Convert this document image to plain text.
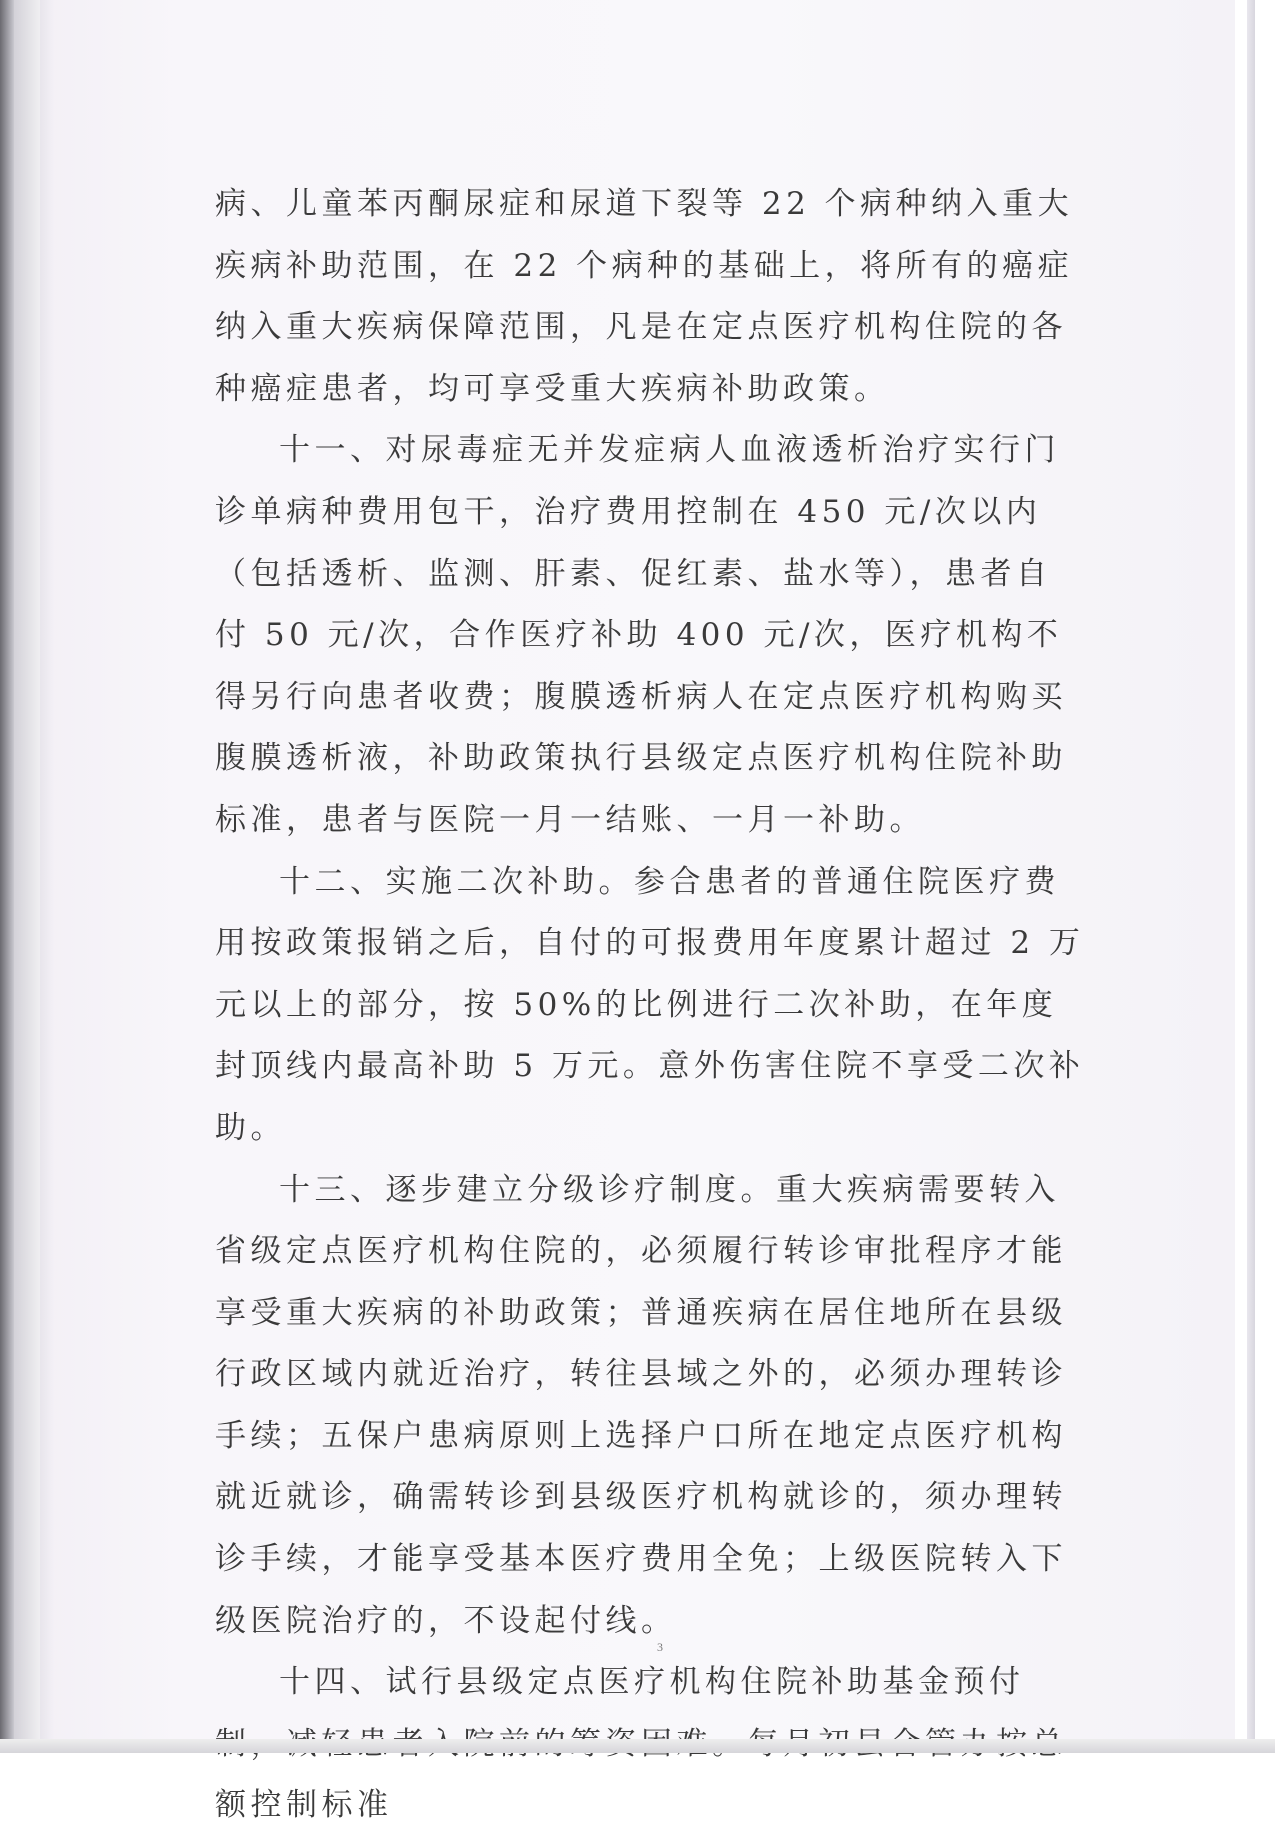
病、儿童苯丙酮尿症和尿道下裂等 22 个病种纳入重大疾病补助范围，在 22 个病种的基础上，将所有的癌症纳入重大疾病保障范围，凡是在定点医疗机构住院的各种癌症患者，均可享受重大疾病补助政策。

十一、对尿毒症无并发症病人血液透析治疗实行门诊单病种费用包干，治疗费用控制在 450 元/次以内（包括透析、监测、肝素、促红素、盐水等），患者自付 50 元/次，合作医疗补助 400 元/次，医疗机构不得另行向患者收费；腹膜透析病人在定点医疗机构购买腹膜透析液，补助政策执行县级定点医疗机构住院补助标准，患者与医院一月一结账、一月一补助。

十二、实施二次补助。参合患者的普通住院医疗费用按政策报销之后，自付的可报费用年度累计超过 2 万元以上的部分，按 50%的比例进行二次补助，在年度封顶线内最高补助 5 万元。意外伤害住院不享受二次补助。

十三、逐步建立分级诊疗制度。重大疾病需要转入省级定点医疗机构住院的，必须履行转诊审批程序才能享受重大疾病的补助政策；普通疾病在居住地所在县级行政区域内就近治疗，转往县域之外的，必须办理转诊手续；五保户患病原则上选择户口所在地定点医疗机构就近就诊，确需转诊到县级医疗机构就诊的，须办理转诊手续，才能享受基本医疗费用全免；上级医院转入下级医院治疗的，不设起付线。

十四、试行县级定点医疗机构住院补助基金预付 额控制标准

3
